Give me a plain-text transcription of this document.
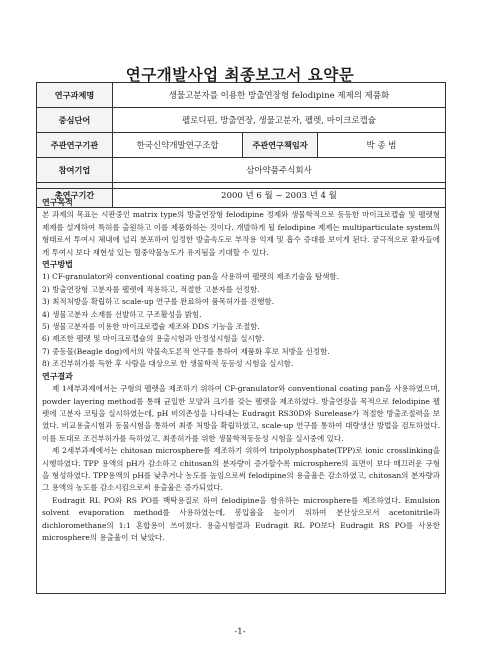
연구개발사업 최종보고서 요약문
연구과제명	생물고분자를 이용한 방출연장형 felodipine 제제의 제품화		
중심단어	펠로디핀, 방출연장, 생물고분자, 펠렛, 마이크로캡슐		
주관연구기관	한국신약개발연구조합	주관연구책임자	박 종 범
참여기업	삼아약품주식회사		
총연구기간	2000 년 6 월 ~ 2003 년 4 월		
연구목적
본 과제의 목표는 시판중인 matrix type의 방출연장형 felodipine 정제와 생물학적으로 동등한 마이크로캡슐 및 펠렛형 제제를 설계하여 특허를 출원하고 이를 제품화하는 것이다. 개발하게 될 felodipine 제제는 multiparticulate system의 형태로서 투여시 체내에 널리 분포하여 일정한 방출속도로 부작용 억제 및 흡수 증대를 보이게 된다. 궁극적으로 환자들에게 투여시 보다 재현성 있는 혈중약물농도가 유지됨을 기대할 수 있다.
연구방법
1) CF-granulator와 conventional coating pan을 사용하여 펠렛의 제조기술을 탐색함.
2) 방출연장형 고분자를 펠렛에 적용하고, 적절한 고분자를 선정함.
3) 최적처방을 확립하고 scale-up 연구를 완료하여 품목허가를 진행함.
4) 생물고분자 소재를 선발하고 구조활성을 밝힘.
5) 생물고분자를 이용한 마이크로캡슐 제조와 DDS 기능을 조절함.
6) 제조한 펠렛 및 마이크로캡슐의 용출시험과 안정성시험을 실시함.
7) 중동물(Beagle dog)에서의 약물속도론적 연구를 통하여 제품화 후보 처방을 선정함.
8) 조건부허가를 득한 후 사람을 대상으로 한 생물학적 동등성 시험을 실시함.
연구결과
제 1세부과제에서는 구형의 펠렛을 제조하기 위하여 CF-granulator와 conventional coating pan을 사용하였으며, powder layering method를 통해 균일한 모양과 크기를 갖는 펠렛을 제조하였다. 방출연장을 목적으로 felodipine 펠렛에 고분자 코팅을 실시하였는데, pH 비의존성을 나타내는 Eudragit RS30D와 Surelease가 적절한 방출조절력을 보였다. 비교용출시험과 동물시험을 통하여 최종 처방을 확립하였고, scale-up 연구를 통하여 대량생산 방법을 검토하였다. 이를 토대로 조건부허가를 득하였고, 최종허가를 위한 생물학적동등성 시험을 실시중에 있다.
제 2세부과제에서는 chitosan microsphere를 제조하기 위하여 tripolyphosphate(TPP)로 ionic crosslinking을 시행하였다. TPP 용액의 pH가 감소하고 chitosan의 분자량이 증가할수록 microsphere의 표면이 보다 매끄러운 구형을 형성하였다. TPP용액의 pH를 낮추거나 농도를 높임으로써 felodipine의 용출율은 감소하였고, chitosan의 분자량과 그 용액의 농도를 감소시킴으로써 용출율은 증가되었다.
Eudragit RL PO와 RS PO를 백탁용질로 하여 felodipine을 함유하는 microsphere를 제조하였다. Emulsion solvent evaporation method를 사용하였는데, 봉입율을 높이기 위하여 분산상으로서 acetonitrile과 dichloromethane의 1:1 혼합용이 쓰여졌다. 용출시험결과 Eudragit RL PO보다 Eudragit RS PO를 사용한 microsphere의 용출율이 더 낮았다.
-1-
